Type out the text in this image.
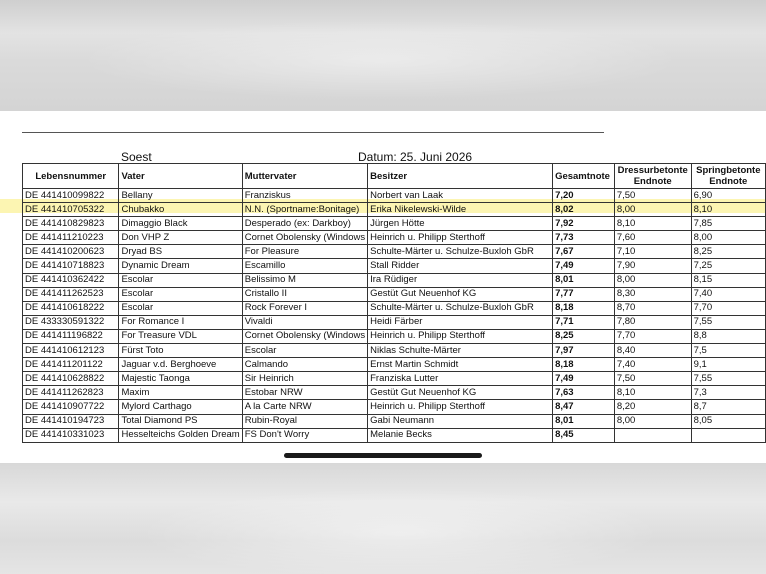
Soest	Datum: 25. Juni 2026
Lebensnummer	Vater	Muttervater	Besitzer	Gesamtnote	Dressurbetonte Endnote	Springbetonte Endnote
DE 441410099822	Bellany	Franziskus	Norbert van Laak	7,20	7,50	6,90
DE 441410705322	Chubakko	N.N. (Sportname:Bonitage)	Erika Nikelewski-Wilde	8,02	8,00	8,10
DE 441410829823	Dimaggio Black	Desperado (ex: Darkboy)	Jürgen Hötte	7,92	8,10	7,85
DE 441411210223	Don VHP Z	Cornet Obolensky (Windows	Heinrich u. Philipp Sterthoff	7,73	7,60	8,00
DE 441410200623	Dryad BS	For Pleasure	Schulte-Märter u. Schulze-Buxloh GbR	7,67	7,10	8,25
DE 441410718823	Dynamic Dream	Escamillo	Stall Ridder	7,49	7,90	7,25
DE 441410362422	Escolar	Belissimo M	Ira Rüdiger	8,01	8,00	8,15
DE 441411262523	Escolar	Cristallo II	Gestüt Gut Neuenhof KG	7,77	8,30	7,40
DE 441410618222	Escolar	Rock Forever I	Schulte-Märter u. Schulze-Buxloh GbR	8,18	8,70	7,70
DE 433330591322	For Romance I	Vivaldi	Heidi Färber	7,71	7,80	7,55
DE 441411196822	For Treasure VDL	Cornet Obolensky (Windows	Heinrich u. Philipp Sterthoff	8,25	7,70	8,8
DE 441410612123	Fürst Toto	Escolar	Niklas Schulte-Märter	7,97	8,40	7,5
DE 441411201122	Jaguar v.d. Berghoeve	Calmando	Ernst Martin Schmidt	8,18	7,40	9,1
DE 441410628822	Majestic Taonga	Sir Heinrich	Franziska Lutter	7,49	7,50	7,55
DE 441411262823	Maxim	Estobar NRW	Gestüt Gut Neuenhof KG	7,63	8,10	7,3
DE 441410907722	Mylord Carthago	A la Carte NRW	Heinrich u. Philipp Sterthoff	8,47	8,20	8,7
DE 441410194723	Total Diamond PS	Rubin-Royal	Gabi Neumann	8,01	8,00	8,05
DE 441410331023	Hesselteichs Golden Dream	FS Don't Worry	Melanie Becks	8,45		
